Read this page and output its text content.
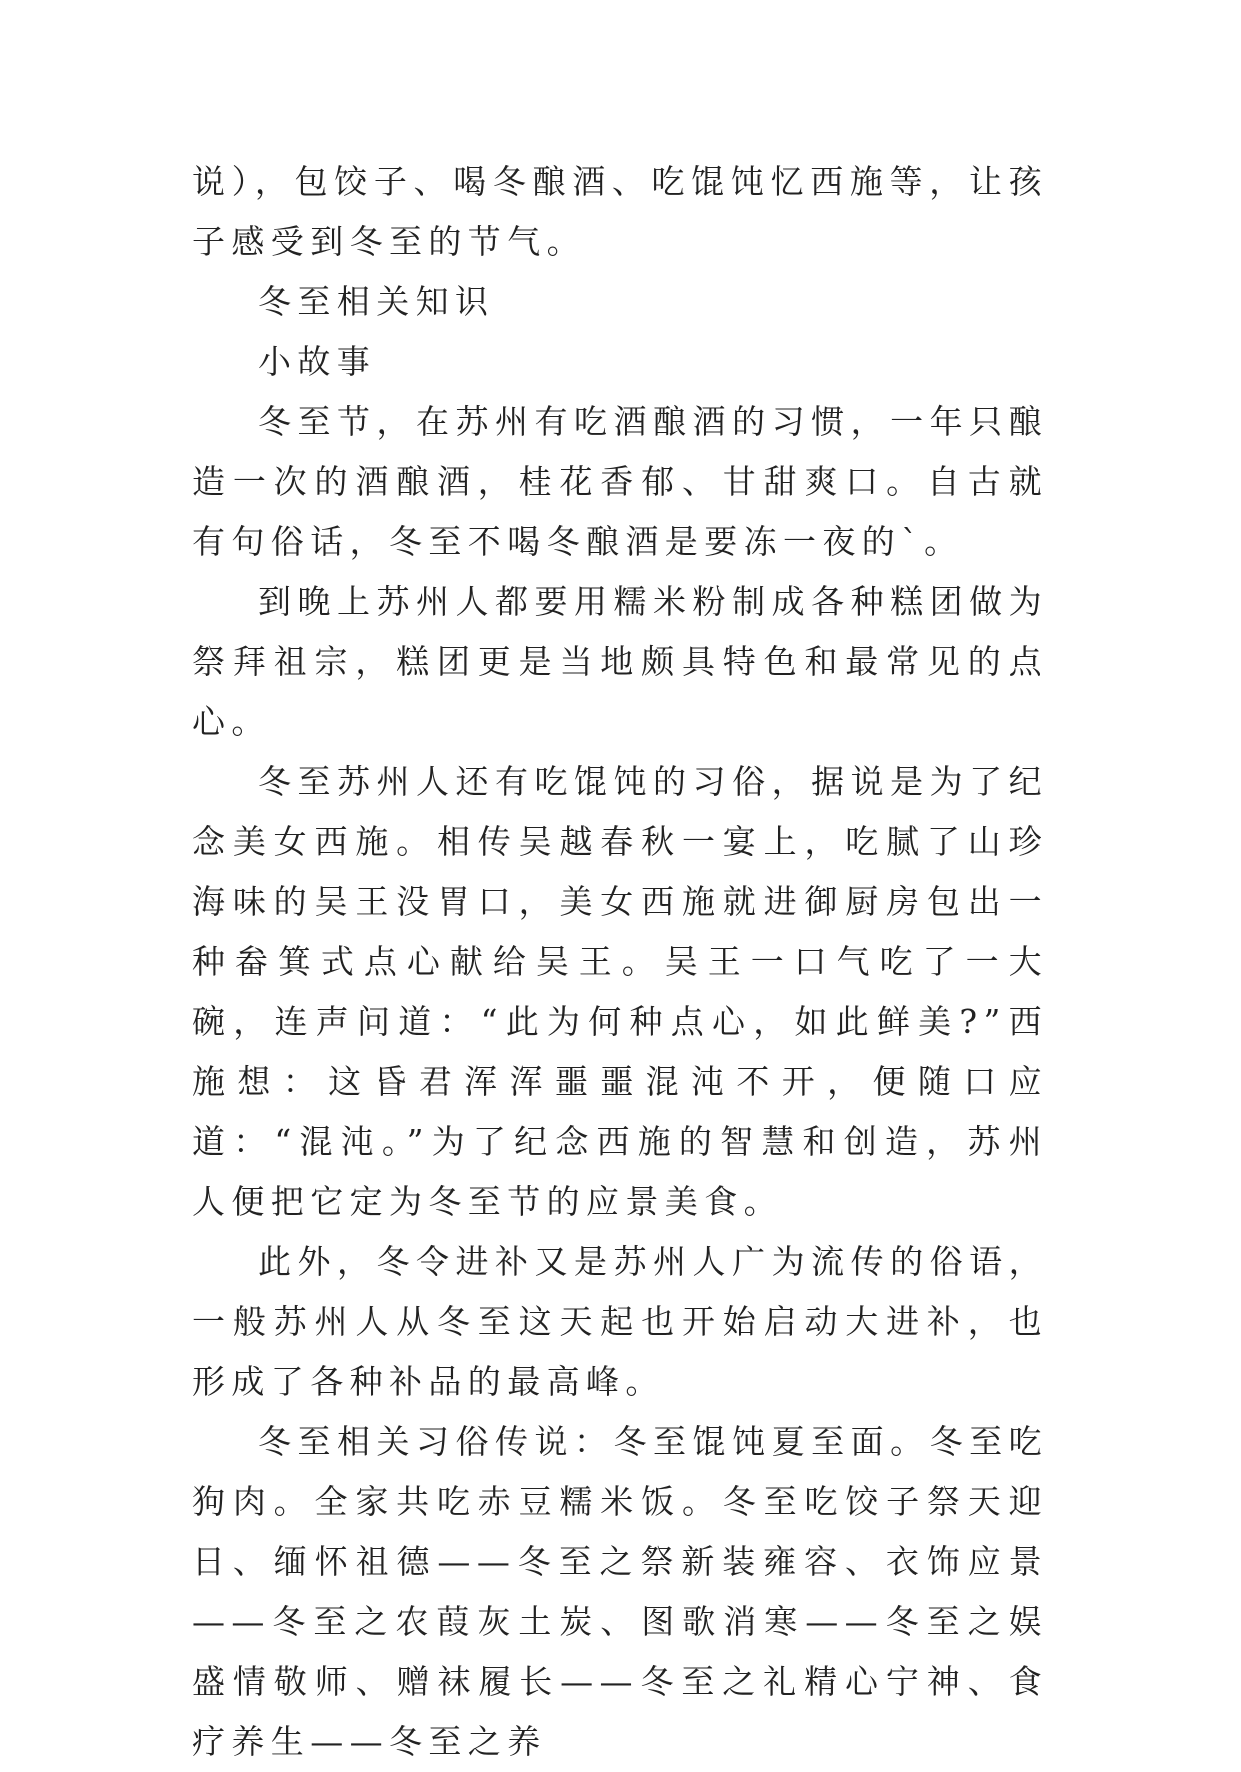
说），包饺子、喝冬酿酒、吃馄饨忆西施等，让孩子感受到冬至的节气。

冬至相关知识

小故事

冬至节，在苏州有吃酒酿酒的习惯，一年只酿造一次的酒酿酒，桂花香郁、甘甜爽口。自古就有句俗话，冬至不喝冬酿酒是要冻一夜的`。

到晚上苏州人都要用糯米粉制成各种糕团做为祭拜祖宗，糕团更是当地颇具特色和最常见的点心。

冬至苏州人还有吃馄饨的习俗，据说是为了纪念美女西施。相传吴越春秋一宴上，吃腻了山珍海味的吴王没胃口，美女西施就进御厨房包出一种畚箕式点心献给吴王。吴王一口气吃了一大碗，连声问道：“此为何种点心，如此鲜美?”西施想：这昏君浑浑噩噩混沌不开，便随口应道：“混沌。”为了纪念西施的智慧和创造，苏州人便把它定为冬至节的应景美食。

此外，冬令进补又是苏州人广为流传的俗语，一般苏州人从冬至这天起也开始启动大进补，也形成了各种补品的最高峰。

冬至相关习俗传说：冬至馄饨夏至面。冬至吃狗肉。全家共吃赤豆糯米饭。冬至吃饺子祭天迎日、缅怀祖德——冬至之祭新装雍容、衣饰应景——冬至之农葭灰土炭、图歌消寒——冬至之娱盛情敬师、赠袜履长——冬至之礼精心宁神、食疗养生——冬至之养
